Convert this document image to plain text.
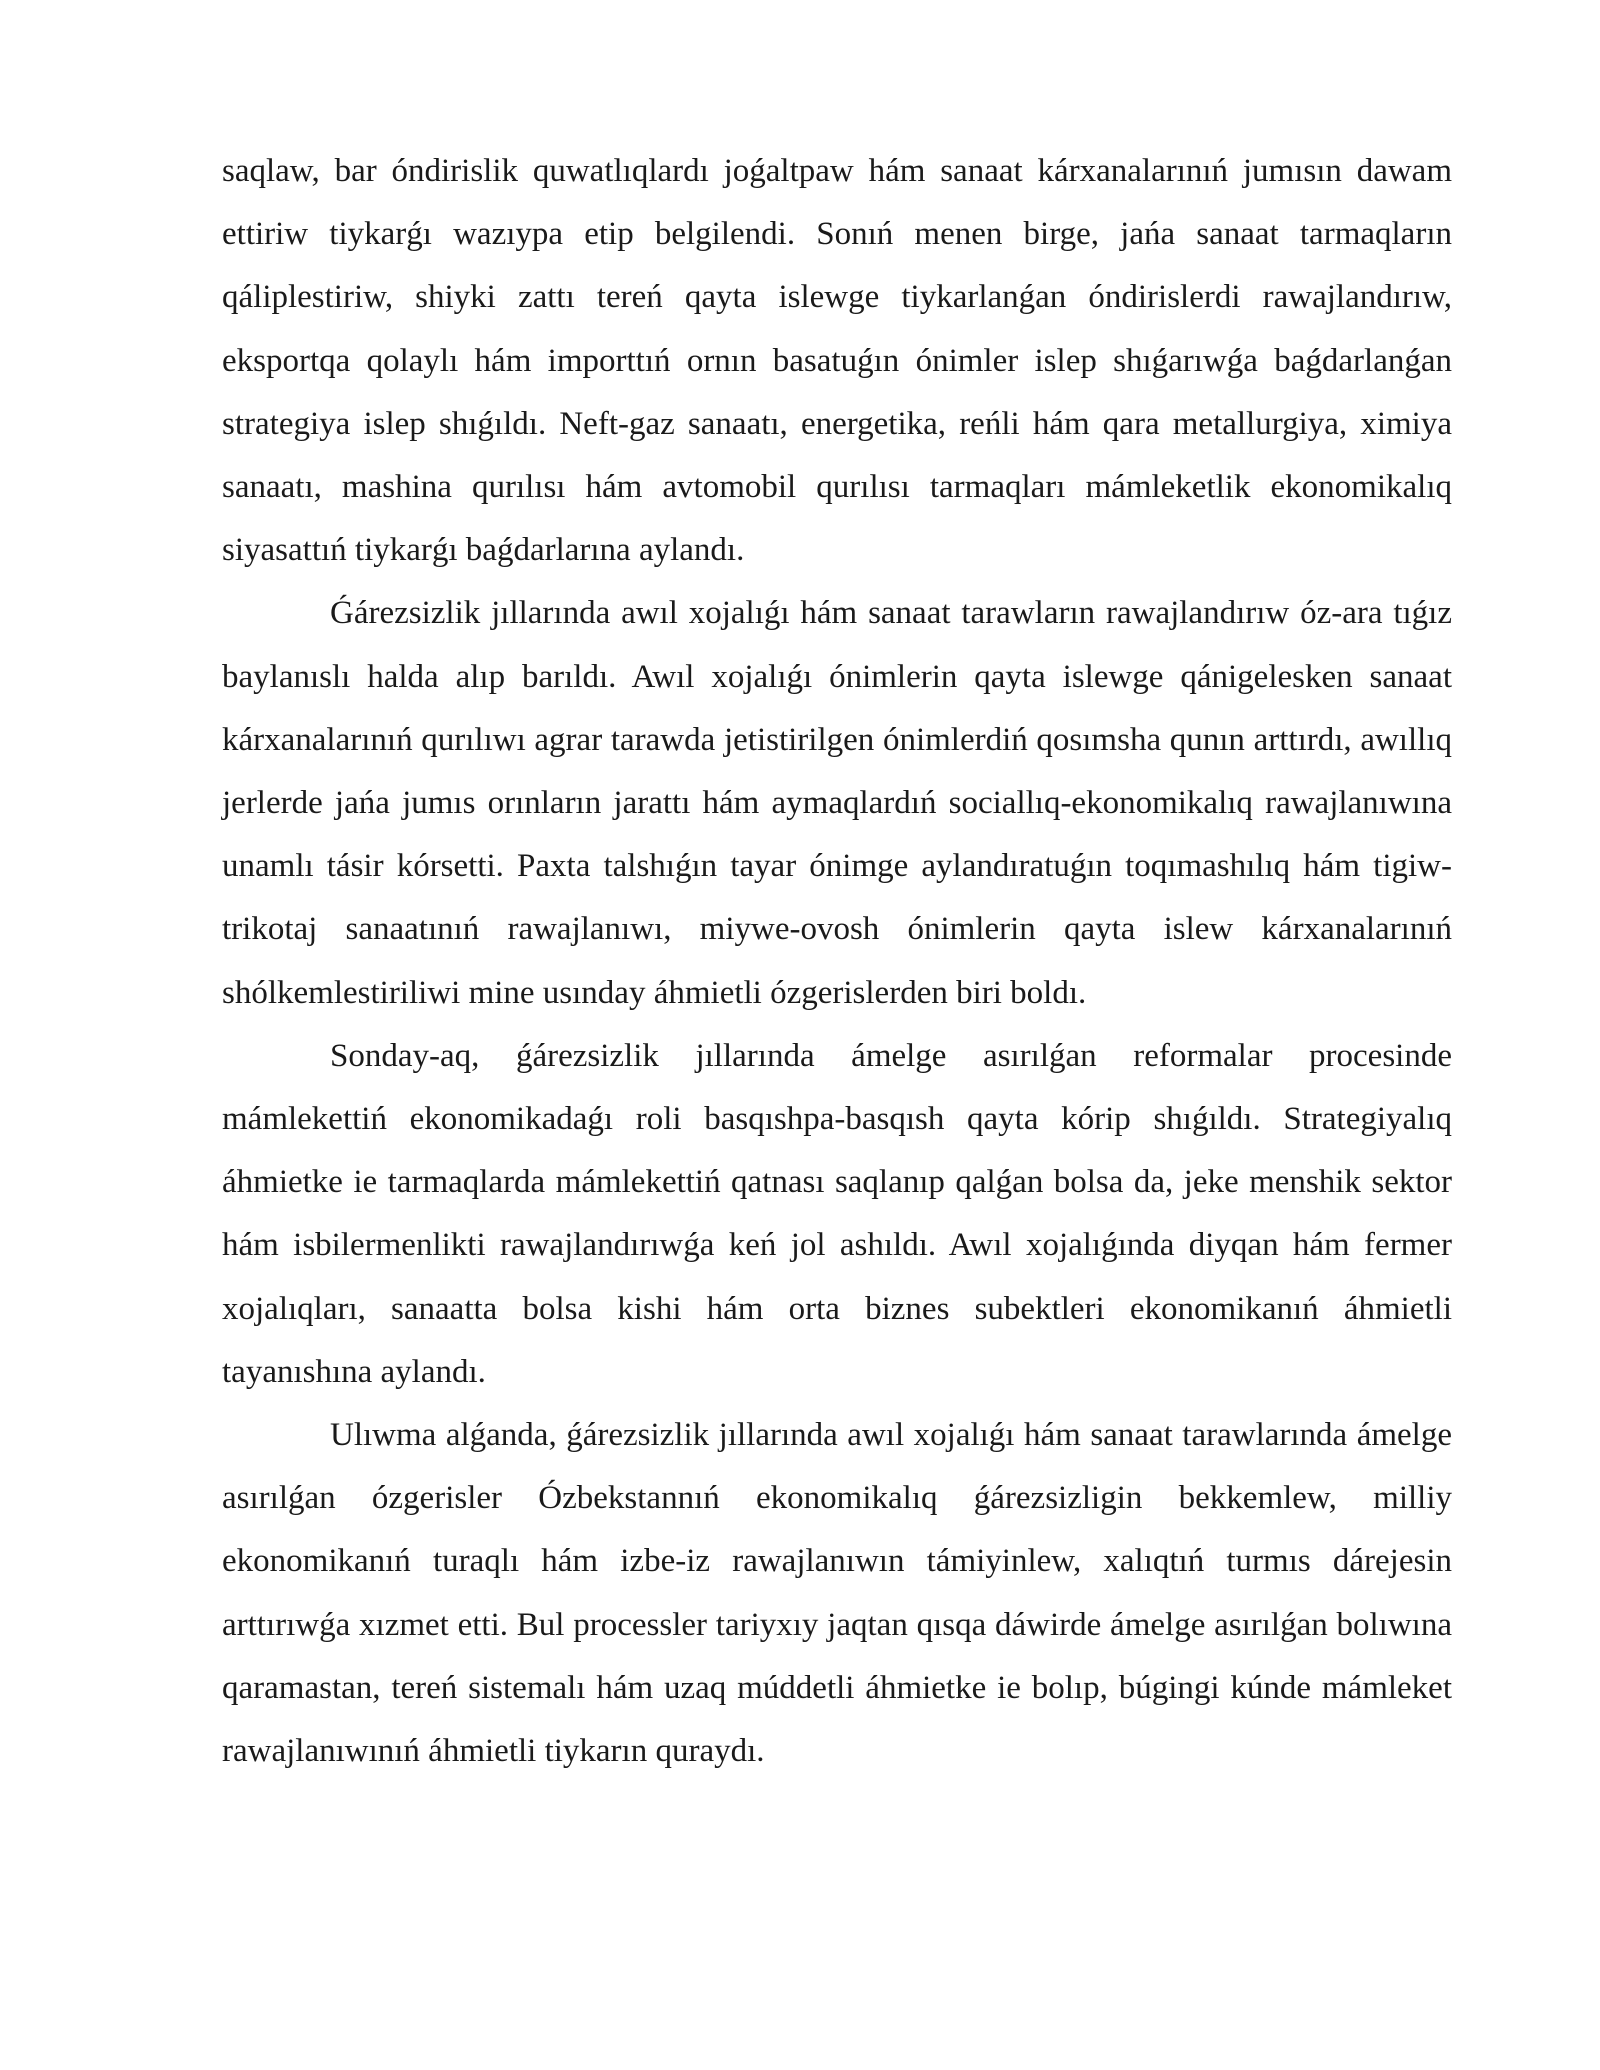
saqlaw, bar óndirislik quwatlıqlardı joǵaltpaw hám sanaat kárxanalarınıń jumısın dawam ettiriw tiykarǵı wazıypa etip belgilendi. Sonıń menen birge, jańa sanaat tarmaqların qáliplestiriw, shiyki zattı tereń qayta islewge tiykarlanǵan óndirislerdi rawajlandırıw, eksportqa qolaylı hám importtıń ornın basatuǵın ónimler islep shıǵarıwǵa baǵdarlanǵan strategiya islep shıǵıldı. Neft-gaz sanaatı, energetika, reńli hám qara metallurgiya, ximiya sanaatı, mashina qurılısı hám avtomobil qurılısı tarmaqları mámleketlik ekonomikalıq siyasattıń tiykarǵı baǵdarlarına aylandı.

Ǵárezsizlik jıllarında awıl xojalıǵı hám sanaat tarawların rawajlandırıw óz-ara tıǵız baylanıslı halda alıp barıldı. Awıl xojalıǵı ónimlerin qayta islewge qánigelesken sanaat kárxanalarınıń qurılıwı agrar tarawda jetistirilgen ónimlerdiń qosımsha qunın arttırdı, awıllıq jerlerde jańa jumıs orınların jarattı hám aymaqlardıń sociallıq-ekonomikalıq rawajlanıwına unamlı tásir kórsetti. Paxta talshıǵın tayar ónimge aylandıratuǵın toqımashılıq hám tigiw-trikotaj sanaatınıń rawajlanıwı, miywe-ovosh ónimlerin qayta islew kárxanalarınıń shólkemlestiriliwi mine usınday áhmietli ózgerislerden biri boldı.

Sonday-aq, ǵárezsizlik jıllarında ámelge asırılǵan reformalar procesinde mámlekettiń ekonomikadaǵı roli basqıshpa-basqısh qayta kórip shıǵıldı. Strategiyalıq áhmietke ie tarmaqlarda mámlekettiń qatnası saqlanıp qalǵan bolsa da, jeke menshik sektor hám isbilermenlikti rawajlandırıwǵa keń jol ashıldı. Awıl xojalıǵında diyqan hám fermer xojalıqları, sanaatta bolsa kishi hám orta biznes subektleri ekonomikanıń áhmietli tayanıshına aylandı.

Ulıwma alǵanda, ǵárezsizlik jıllarında awıl xojalıǵı hám sanaat tarawlarında ámelge asırılǵan ózgerisler Ózbekstannıń ekonomikalıq ǵárezsizligin bekkemlew, milliy ekonomikanıń turaqlı hám izbe-iz rawajlanıwın támiyinlew, xalıqtıń turmıs dárejesin arttırıwǵa xızmet etti. Bul processler tariyxıy jaqtan qısqa dáwirde ámelge asırılǵan bolıwına qaramastan, tereń sistemalı hám uzaq múddetli áhmietke ie bolıp, búgingi kúnde mámleket rawajlanıwınıń áhmietli tiykarın quraydı.
